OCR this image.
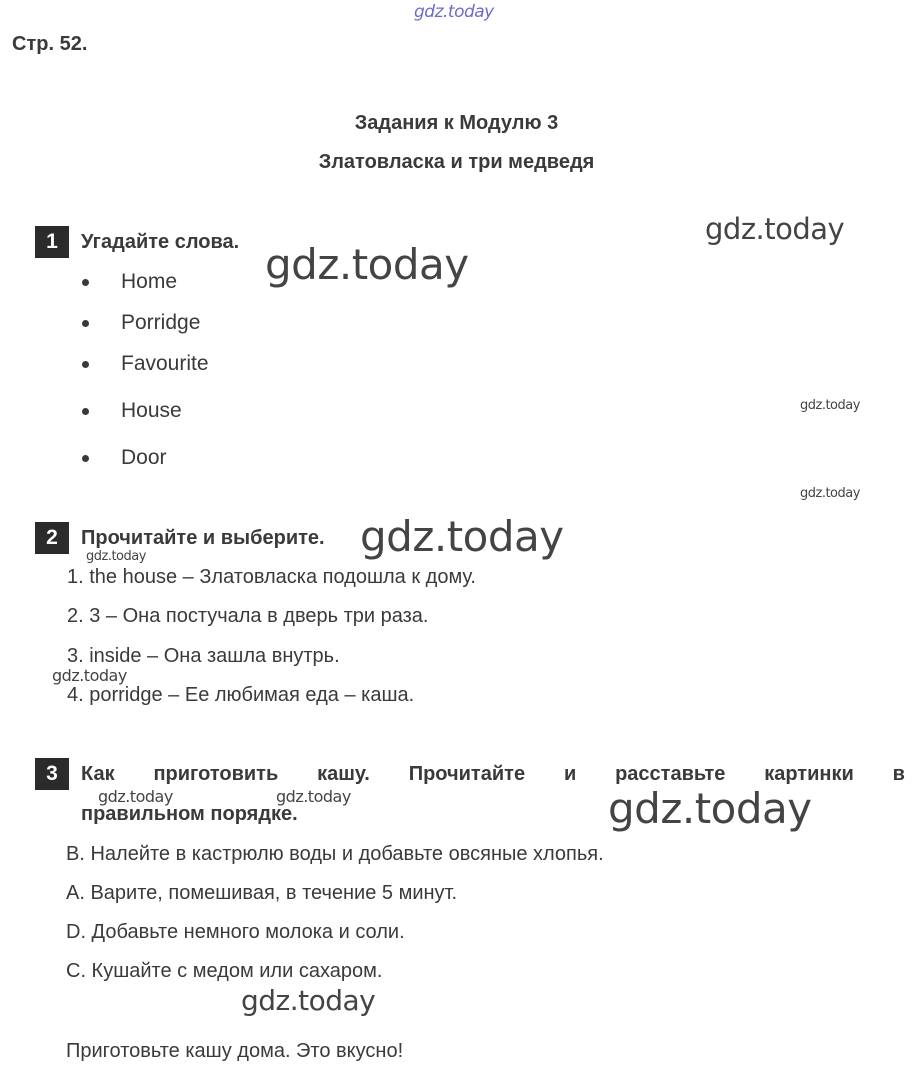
gdz.today
gdz.today
gdz.today
gdz.today
gdz.today
gdz.today
gdz.today
gdz.today
gdz.today	gdz.today	gdz.today
gdz.today
Стр. 52.
Задания к Модулю 3
Златовласка и три медведя
1	Угадайте слова.
Home
Porridge
Favourite
House
Door
2	Прочитайте и выберите.
1. the house – Златовласка подошла к дому.
2. 3 – Она постучала в дверь три раза.
3. inside – Она зашла внутрь.
4. porridge – Ее любимая еда – каша.
3	Как приготовить кашу. Прочитайте и расставьте картинки в
правильном порядке.
B. Налейте в кастрюлю воды и добавьте овсяные хлопья.
A. Варите, помешивая, в течение 5 минут.
D. Добавьте немного молока и соли.
C. Кушайте с медом или сахаром.
Приготовьте кашу дома. Это вкусно!
